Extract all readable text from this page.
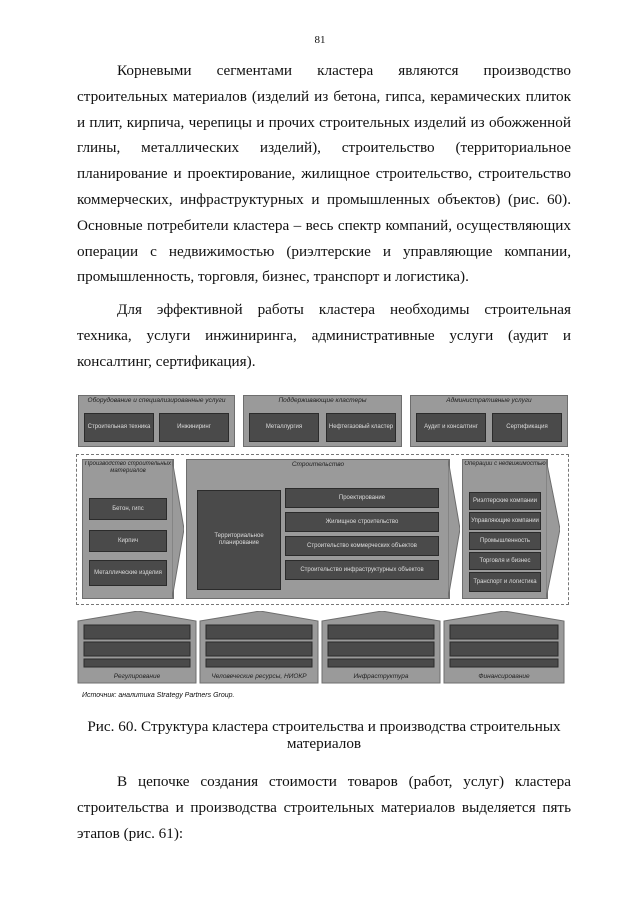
81

Корневыми сегментами кластера являются производство строительных материалов (изделий из бетона, гипса, керамических плиток и плит, кирпича, черепицы и прочих строительных изделий из обожженной глины, металлических изделий), строительство (территориальное планирование и проектирование, жилищное строительство, строительство коммерческих, инфраструктурных и промышленных объектов) (рис. 60). Основные потребители кластера – весь спектр компаний, осуществляющих операции с недвижимостью (риэлтерские и управляющие компании, промышленность, торговля, бизнес, транспорт и логистика).

Для эффективной работы кластера необходимы строительная техника, услуги инжиниринга, административные услуги (аудит и консалтинг, сертификация).

Оборудование и специализированные услуги
Строительная техника	Инжиниринг
Поддерживающие кластеры
Металлургия	Нефтегазовый кластер
Административные услуги
Аудит и консалтинг	Сертификация
Производство строительных материалов
Бетон, гипс
Кирпич
Металлические изделия
Строительство
Территориальное планирование
Проектирование
Жилищное строительство
Строительство коммерческих объектов
Строительство инфраструктурных объектов
Операции с недвижимостью
Риэлтерские компании
Управляющие компании
Промышленность
Торговля и бизнес
Транспорт и логистика
Регулирование	Человеческие ресурсы, НИОКР	Инфраструктура	Финансирование
Источник: аналитика Strategy Partners Group.
Рис. 60. Структура кластера строительства и производства строительных материалов

В цепочке создания стоимости товаров (работ, услуг) кластера строительства и производства строительных материалов выделяется пять этапов (рис. 61):
